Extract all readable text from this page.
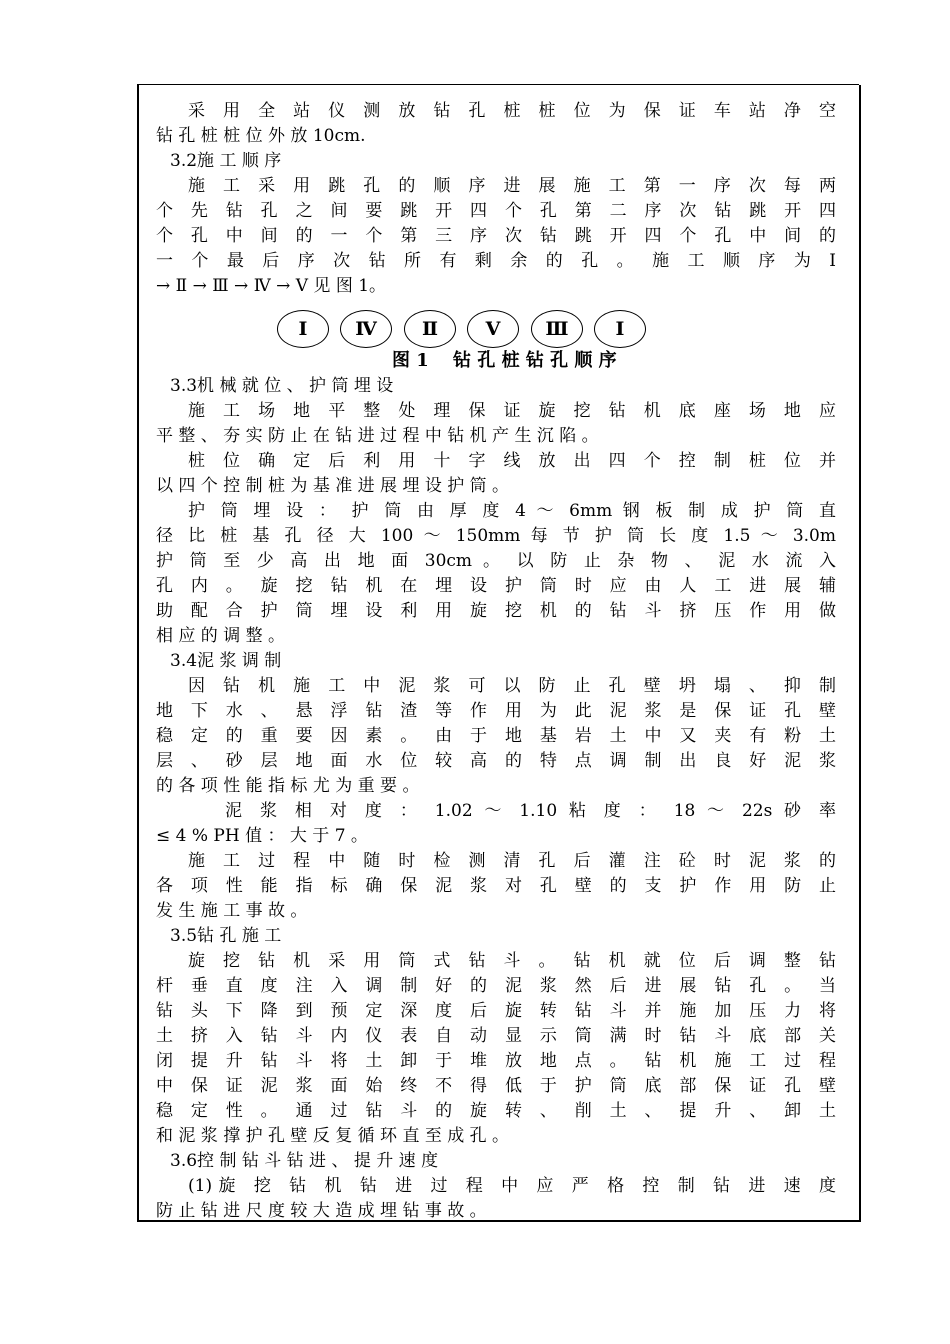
采 用 全 站 仪 测 放 钻 孔 桩 桩 位 为 保 证 车 站 净 空
钻 孔 桩 桩 位 外 放 10cm.
3.2施 工 顺 序
施 工 采 用 跳 孔 的 顺 序 进 展 施 工 第 一 序 次 每 两
个 先 钻 孔 之 间 要 跳 开 四 个 孔 第 二 序 次 钻 跳 开 四
个 孔 中 间 的 一 个 第 三 序 次 钻 跳 开 四 个 孔 中 间 的
一 个 最 后 序 次 钻 所 有 剩 余 的 孔 。 施 工 顺 序 为 Ⅰ
→ Ⅱ → Ⅲ → Ⅳ → Ⅴ 见 图 1。
Ⅰ	Ⅳ	Ⅱ	Ⅴ	Ⅲ	Ⅰ
图 1　 钻 孔 桩 钻 孔 顺 序
3.3机 械 就 位 、 护 筒 埋 设
施 工 场 地 平 整 处 理 保 证 旋 挖 钻 机 底 座 场 地 应
平 整 、 夯 实 防 止 在 钻 进 过 程 中 钻 机 产 生 沉 陷 。
桩 位 确 定 后 利 用 十 字 线 放 出 四 个 控 制 桩 位 并
以 四 个 控 制 桩 为 基 准 进 展 埋 设 护 筒 。
护 筒 埋 设 ： 护 筒 由 厚 度 4 ～ 6mm 钢 板 制 成 护 筒 直
径 比 桩 基 孔 径 大 100 ～ 150mm 每 节 护 筒 长 度 1.5 ～ 3.0m
护 筒 至 少 高 出 地 面 30cm 。 以 防 止 杂 物 、 泥 水 流 入
孔 内 。 旋 挖 钻 机 在 埋 设 护 筒 时 应 由 人 工 进 展 辅
助 配 合 护 筒 埋 设 利 用 旋 挖 机 的 钻 斗 挤 压 作 用 做
相 应 的 调 整 。
3.4泥 浆 调 制
因 钻 机 施 工 中 泥 浆 可 以 防 止 孔 壁 坍 塌 、 抑 制
地 下 水 、 悬 浮 钻 渣 等 作 用 为 此 泥 浆 是 保 证 孔 壁
稳 定 的 重 要 因 素 。 由 于 地 基 岩 土 中 又 夹 有 粉 土
层 、 砂 层 地 面 水 位 较 高 的 特 点 调 制 出 良 好 泥 浆
的 各 项 性 能 指 标 尤 为 重 要 。
泥 浆 相 对 度 ： 1.02 ～ 1.10 粘 度 ： 18 ～ 22s 砂 率
≤ 4 % PH 值 ： 大 于 7 。
施 工 过 程 中 随 时 检 测 清 孔 后 灌 注 砼 时 泥 浆 的
各 项 性 能 指 标 确 保 泥 浆 对 孔 壁 的 支 护 作 用 防 止
发 生 施 工 事 故 。
3.5钻 孔 施 工
旋 挖 钻 机 采 用 筒 式 钻 斗 。 钻 机 就 位 后 调 整 钻
杆 垂 直 度 注 入 调 制 好 的 泥 浆 然 后 进 展 钻 孔 。 当
钻 头 下 降 到 预 定 深 度 后 旋 转 钻 斗 并 施 加 压 力 将
土 挤 入 钻 斗 内 仪 表 自 动 显 示 筒 满 时 钻 斗 底 部 关
闭 提 升 钻 斗 将 土 卸 于 堆 放 地 点 。 钻 机 施 工 过 程
中 保 证 泥 浆 面 始 终 不 得 低 于 护 筒 底 部 保 证 孔 壁
稳 定 性 。 通 过 钻 斗 的 旋 转 、 削 土 、 提 升 、 卸 土
和 泥 浆 撑 护 孔 壁 反 复 循 环 直 至 成 孔 。
3.6控 制 钻 斗 钻 进 、 提 升 速 度
(1)旋 挖 钻 机 钻 进 过 程 中 应 严 格 控 制 钻 进 速 度
防 止 钻 进 尺 度 较 大 造 成 埋 钻 事 故 。
